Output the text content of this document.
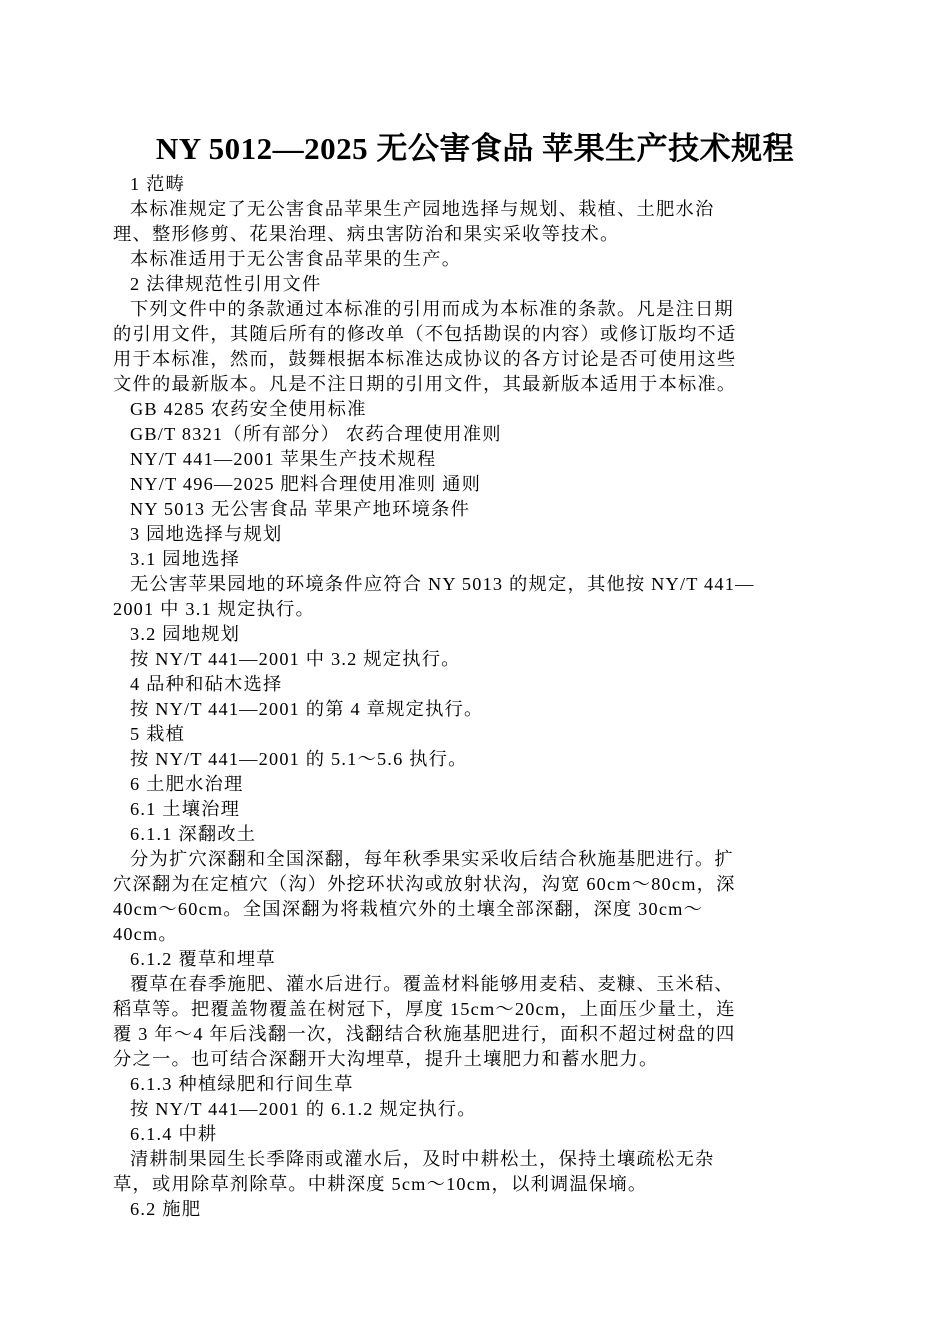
NY 5012—2025 无公害食品 苹果生产技术规程
1 范畴
本标准规定了无公害食品苹果生产园地选择与规划、栽植、土肥水治
理、整形修剪、花果治理、病虫害防治和果实采收等技术。
本标准适用于无公害食品苹果的生产。
2 法律规范性引用文件
下列文件中的条款通过本标准的引用而成为本标准的条款。凡是注日期
的引用文件，其随后所有的修改单（不包括勘误的内容）或修订版均不适
用于本标准，然而，鼓舞根据本标准达成协议的各方讨论是否可使用这些
文件的最新版本。凡是不注日期的引用文件，其最新版本适用于本标准。
GB 4285 农药安全使用标准
GB/T 8321（所有部分） 农药合理使用准则
NY/T 441—2001 苹果生产技术规程
NY/T 496—2025 肥料合理使用准则 通则
NY 5013 无公害食品 苹果产地环境条件
3 园地选择与规划
3.1 园地选择
无公害苹果园地的环境条件应符合 NY 5013 的规定，其他按 NY/T 441—
2001 中 3.1 规定执行。
3.2 园地规划
按 NY/T 441—2001 中 3.2 规定执行。
4 品种和砧木选择
按 NY/T 441—2001 的第 4 章规定执行。
5 栽植
按 NY/T 441—2001 的 5.1～5.6 执行。
6 土肥水治理
6.1 土壤治理
6.1.1 深翻改土
分为扩穴深翻和全国深翻，每年秋季果实采收后结合秋施基肥进行。扩
穴深翻为在定植穴（沟）外挖环状沟或放射状沟，沟宽 60cm～80cm，深
40cm～60cm。全国深翻为将栽植穴外的土壤全部深翻，深度 30cm～
40cm。
6.1.2 覆草和埋草
覆草在春季施肥、灌水后进行。覆盖材料能够用麦秸、麦糠、玉米秸、
稻草等。把覆盖物覆盖在树冠下，厚度 15cm～20cm，上面压少量土，连
覆 3 年～4 年后浅翻一次，浅翻结合秋施基肥进行，面积不超过树盘的四
分之一。也可结合深翻开大沟埋草，提升土壤肥力和蓄水肥力。
6.1.3 种植绿肥和行间生草
按 NY/T 441—2001 的 6.1.2 规定执行。
6.1.4 中耕
清耕制果园生长季降雨或灌水后，及时中耕松土，保持土壤疏松无杂
草，或用除草剂除草。中耕深度 5cm～10cm，以利调温保墒。
6.2 施肥
